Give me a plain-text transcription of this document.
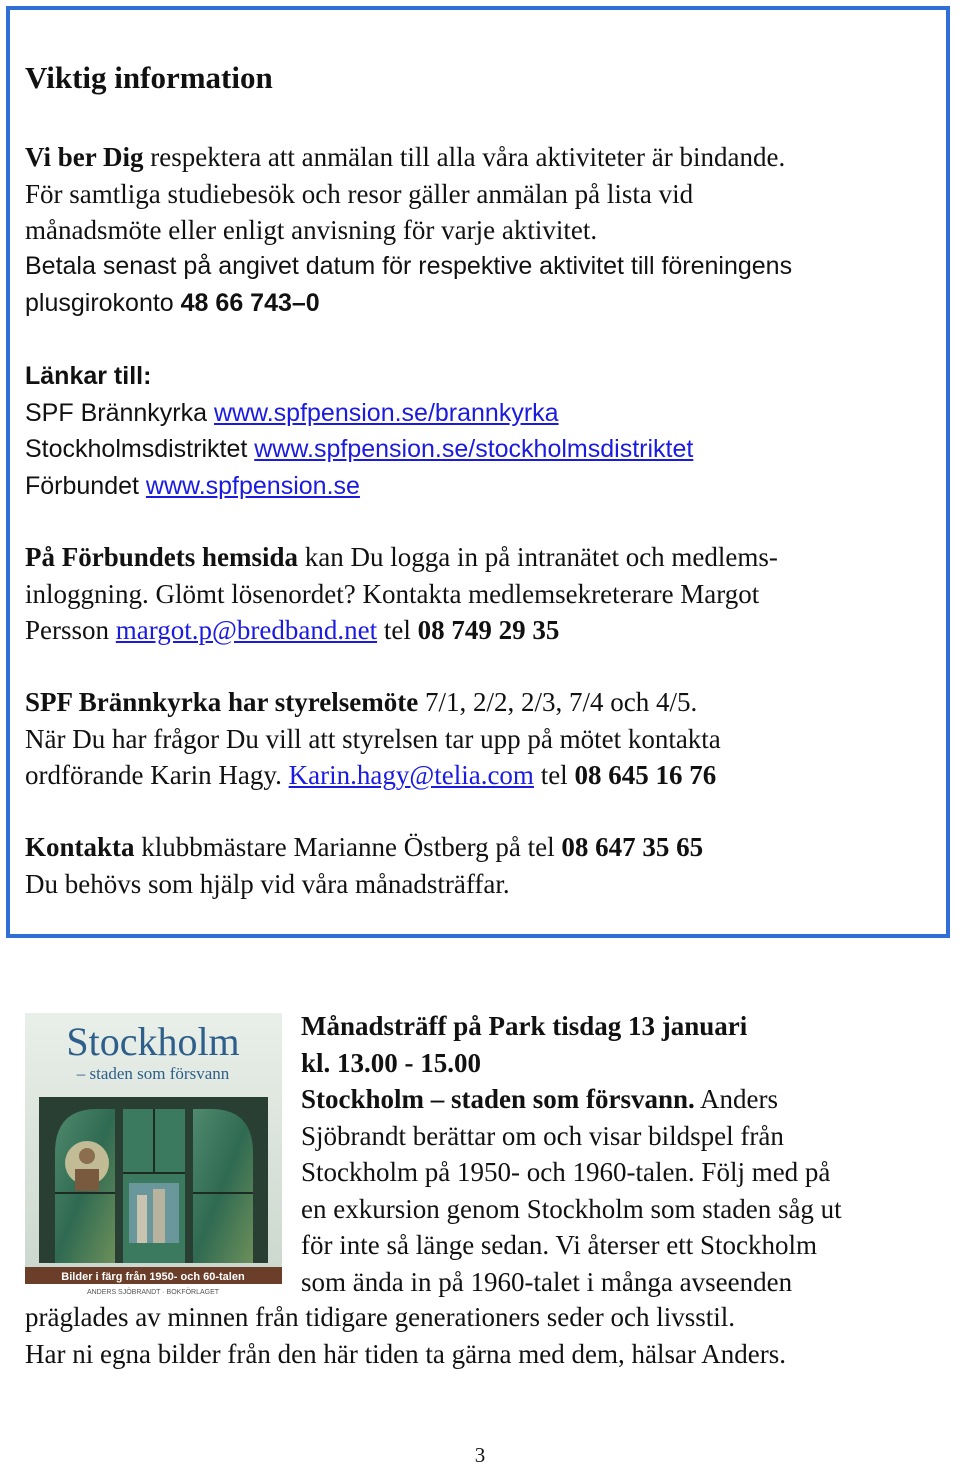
Viktig information

Vi ber Dig respektera att anmälan till alla våra aktiviteter är bindande.
För samtliga studiebesök och resor gäller anmälan på lista vid
månadsmöte eller enligt anvisning för varje aktivitet.

Betala senast på angivet datum för respektive aktivitet till föreningens
plusgirokonto 48 66 743–0

Länkar till:
SPF Brännkyrka www.spfpension.se/brannkyrka
Stockholmsdistriktet www.spfpension.se/stockholmsdistriktet
Förbundet www.spfpension.se

På Förbundets hemsida kan Du logga in på intranätet och medlems-
inloggning. Glömt lösenordet? Kontakta medlemsekreterare Margot
Persson margot.p@bredband.net tel 08 749 29 35

SPF Brännkyrka har styrelsemöte 7/1, 2/2, 2/3, 7/4 och 4/5.
När Du har frågor Du vill att styrelsen tar upp på mötet kontakta
ordförande Karin Hagy. Karin.hagy@telia.com tel 08 645 16 76

Kontakta klubbmästare Marianne Östberg på tel 08 647 35 65
Du behövs som hjälp vid våra månadsträffar.

Stockholm
– staden som försvann
Bilder i färg från 1950- och 60-talen
ANDERS SJÖBRANDT · BOKFÖRLAGET

Månadsträff på Park tisdag 13 januari
kl. 13.00 - 15.00
Stockholm – staden som försvann. Anders
Sjöbrandt berättar om och visar bildspel från
Stockholm på 1950- och 1960-talen. Följ med på
en exkursion genom Stockholm som staden såg ut
för inte så länge sedan. Vi återser ett Stockholm
som ända in på 1960-talet i många avseenden

präglades av minnen från tidigare generationers seder och livsstil.
Har ni egna bilder från den här tiden ta gärna med dem, hälsar Anders.

3
